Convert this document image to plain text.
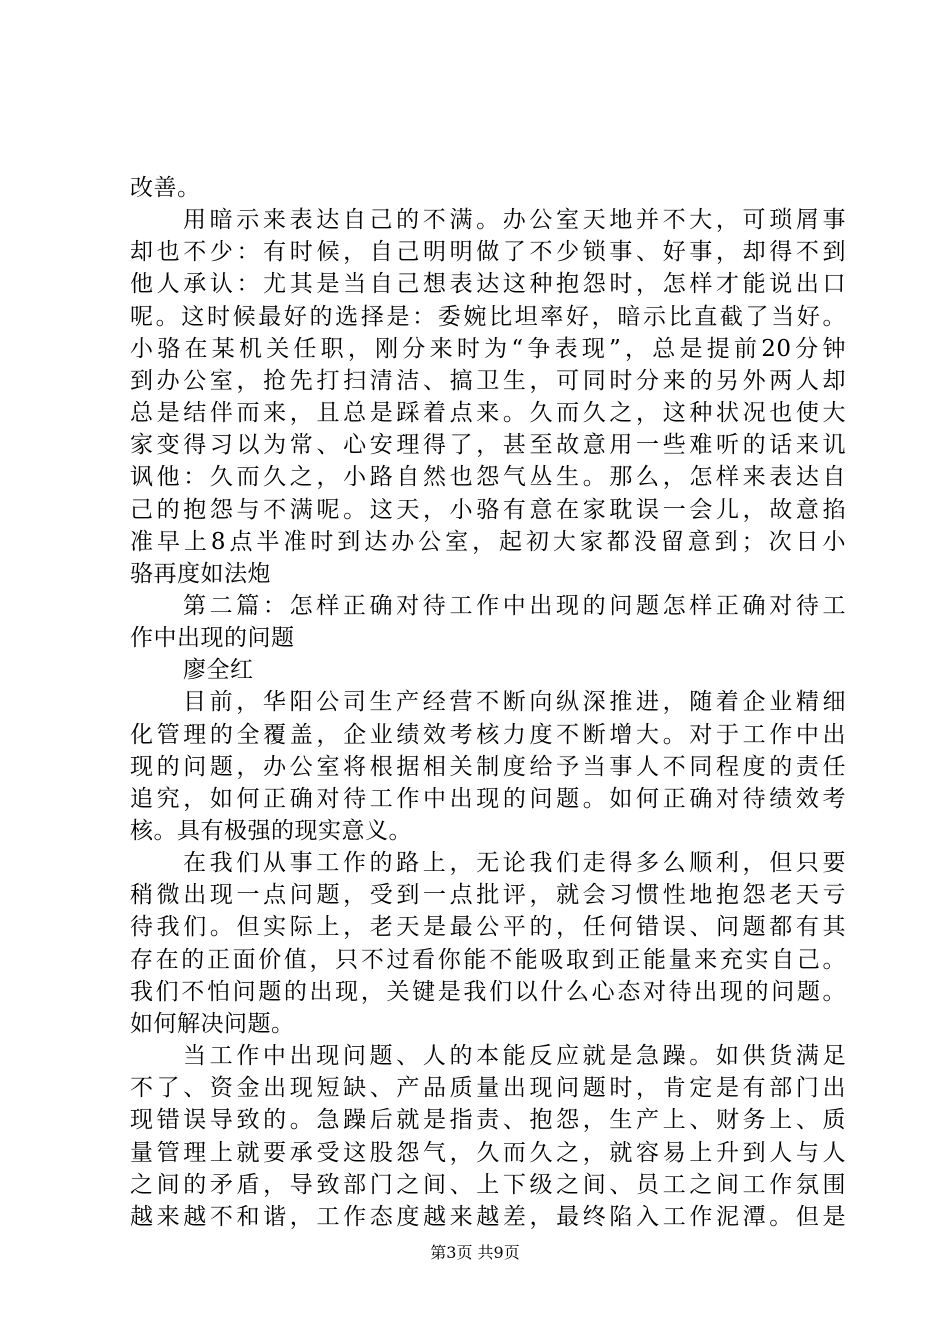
改善。
用暗示来表达自己的不满。办公室天地并不大，可琐屑事
却也不少：有时候，自己明明做了不少锁事、好事，却得不到
他人承认：尤其是当自己想表达这种抱怨时，怎样才能说出口
呢。这时候最好的选择是：委婉比坦率好，暗示比直截了当好。
小骆在某机关任职，刚分来时为“争表现”，总是提前20分钟
到办公室，抢先打扫清洁、搞卫生，可同时分来的另外两人却
总是结伴而来，且总是踩着点来。久而久之，这种状况也使大
家变得习以为常、心安理得了，甚至故意用一些难听的话来讥
讽他：久而久之，小路自然也怨气丛生。那么，怎样来表达自
己的抱怨与不满呢。这天，小骆有意在家耽误一会儿，故意掐
准早上8点半准时到达办公室，起初大家都没留意到；次日小
骆再度如法炮
第二篇：怎样正确对待工作中出现的问题怎样正确对待工
作中出现的问题
廖全红
目前，华阳公司生产经营不断向纵深推进，随着企业精细
化管理的全覆盖，企业绩效考核力度不断增大。对于工作中出
现的问题，办公室将根据相关制度给予当事人不同程度的责任
追究，如何正确对待工作中出现的问题。如何正确对待绩效考
核。具有极强的现实意义。
在我们从事工作的路上，无论我们走得多么顺利，但只要
稍微出现一点问题，受到一点批评，就会习惯性地抱怨老天亏
待我们。但实际上，老天是最公平的，任何错误、问题都有其
存在的正面价值，只不过看你能不能吸取到正能量来充实自己。
我们不怕问题的出现，关键是我们以什么心态对待出现的问题。
如何解决问题。
当工作中出现问题、人的本能反应就是急躁。如供货满足
不了、资金出现短缺、产品质量出现问题时，肯定是有部门出
现错误导致的。急躁后就是指责、抱怨，生产上、财务上、质
量管理上就要承受这股怨气，久而久之，就容易上升到人与人
之间的矛盾，导致部门之间、上下级之间、员工之间工作氛围
越来越不和谐，工作态度越来越差，最终陷入工作泥潭。但是
第3页 共9页
